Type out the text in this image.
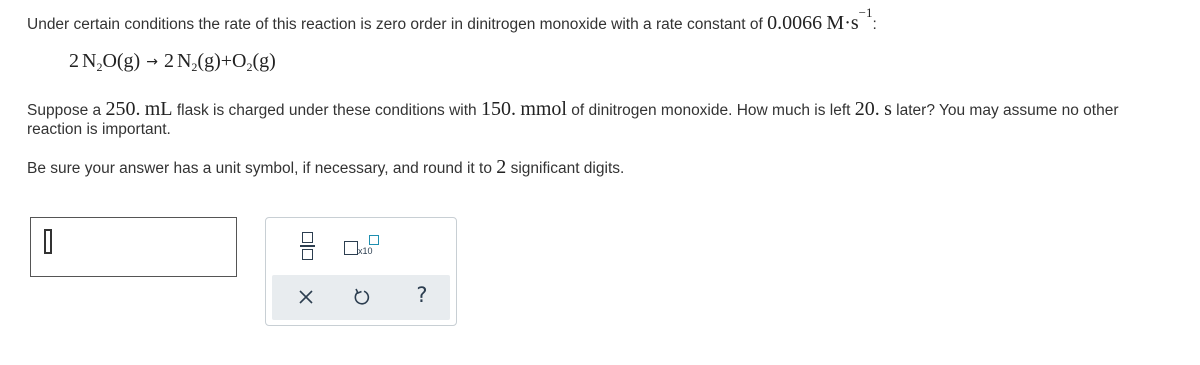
Under certain conditions the rate of this reaction is zero order in dinitrogen monoxide with a rate constant of 0.0066 $M\cdot s^{-1}$:
2 $N_2O(g) \to 2$ $N_2(g)+O_2(g)$
Suppose a 250. mL flask is charged under these conditions with 150. mmol of dinitrogen monoxide. How much is left 20. s later? You may assume no other
reaction is important.
Be sure your answer has a unit symbol, if necessary, and round it to 2 significant digits.
x10
?
